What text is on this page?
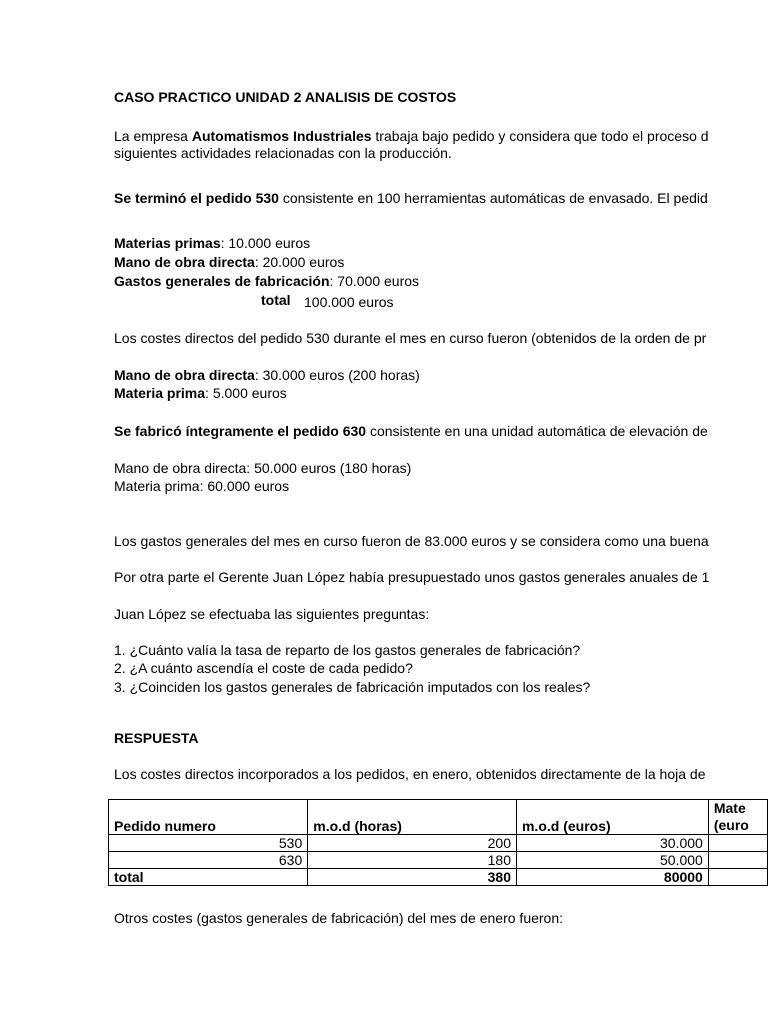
CASO PRACTICO UNIDAD 2 ANALISIS DE COSTOS
La empresa Automatismos Industriales trabaja bajo pedido y considera que todo el proceso d
siguientes actividades relacionadas con la producción.
Se terminó el pedido 530 consistente en 100 herramientas automáticas de envasado. El pedid
Materias primas: 10.000 euros
Mano de obra directa: 20.000 euros
Gastos generales de fabricación: 70.000 euros
total 100.000 euros
Los costes directos del pedido 530 durante el mes en curso fueron (obtenidos de la orden de pr
Mano de obra directa: 30.000 euros (200 horas)
Materia prima: 5.000 euros
Se fabricó íntegramente el pedido 630 consistente en una unidad automática de elevación de
Mano de obra directa: 50.000 euros (180 horas)
Materia prima: 60.000 euros
Los gastos generales del mes en curso fueron de 83.000 euros y se considera como una buena
Por otra parte el Gerente Juan López había presupuestado unos gastos generales anuales de 1
Juan López se efectuaba las siguientes preguntas:
1. ¿Cuánto valía la tasa de reparto de los gastos generales de fabricación?
2. ¿A cuánto ascendía el coste de cada pedido?
3. ¿Coinciden los gastos generales de fabricación imputados con los reales?
RESPUESTA
Los costes directos incorporados a los pedidos, en enero, obtenidos directamente de la hoja de
Pedido numero	m.o.d (horas)	m.o.d (euros)	Mate
(euro
530	200	30.000	
630	180	50.000	
total	380	80000	
Otros costes (gastos generales de fabricación) del mes de enero fueron:
